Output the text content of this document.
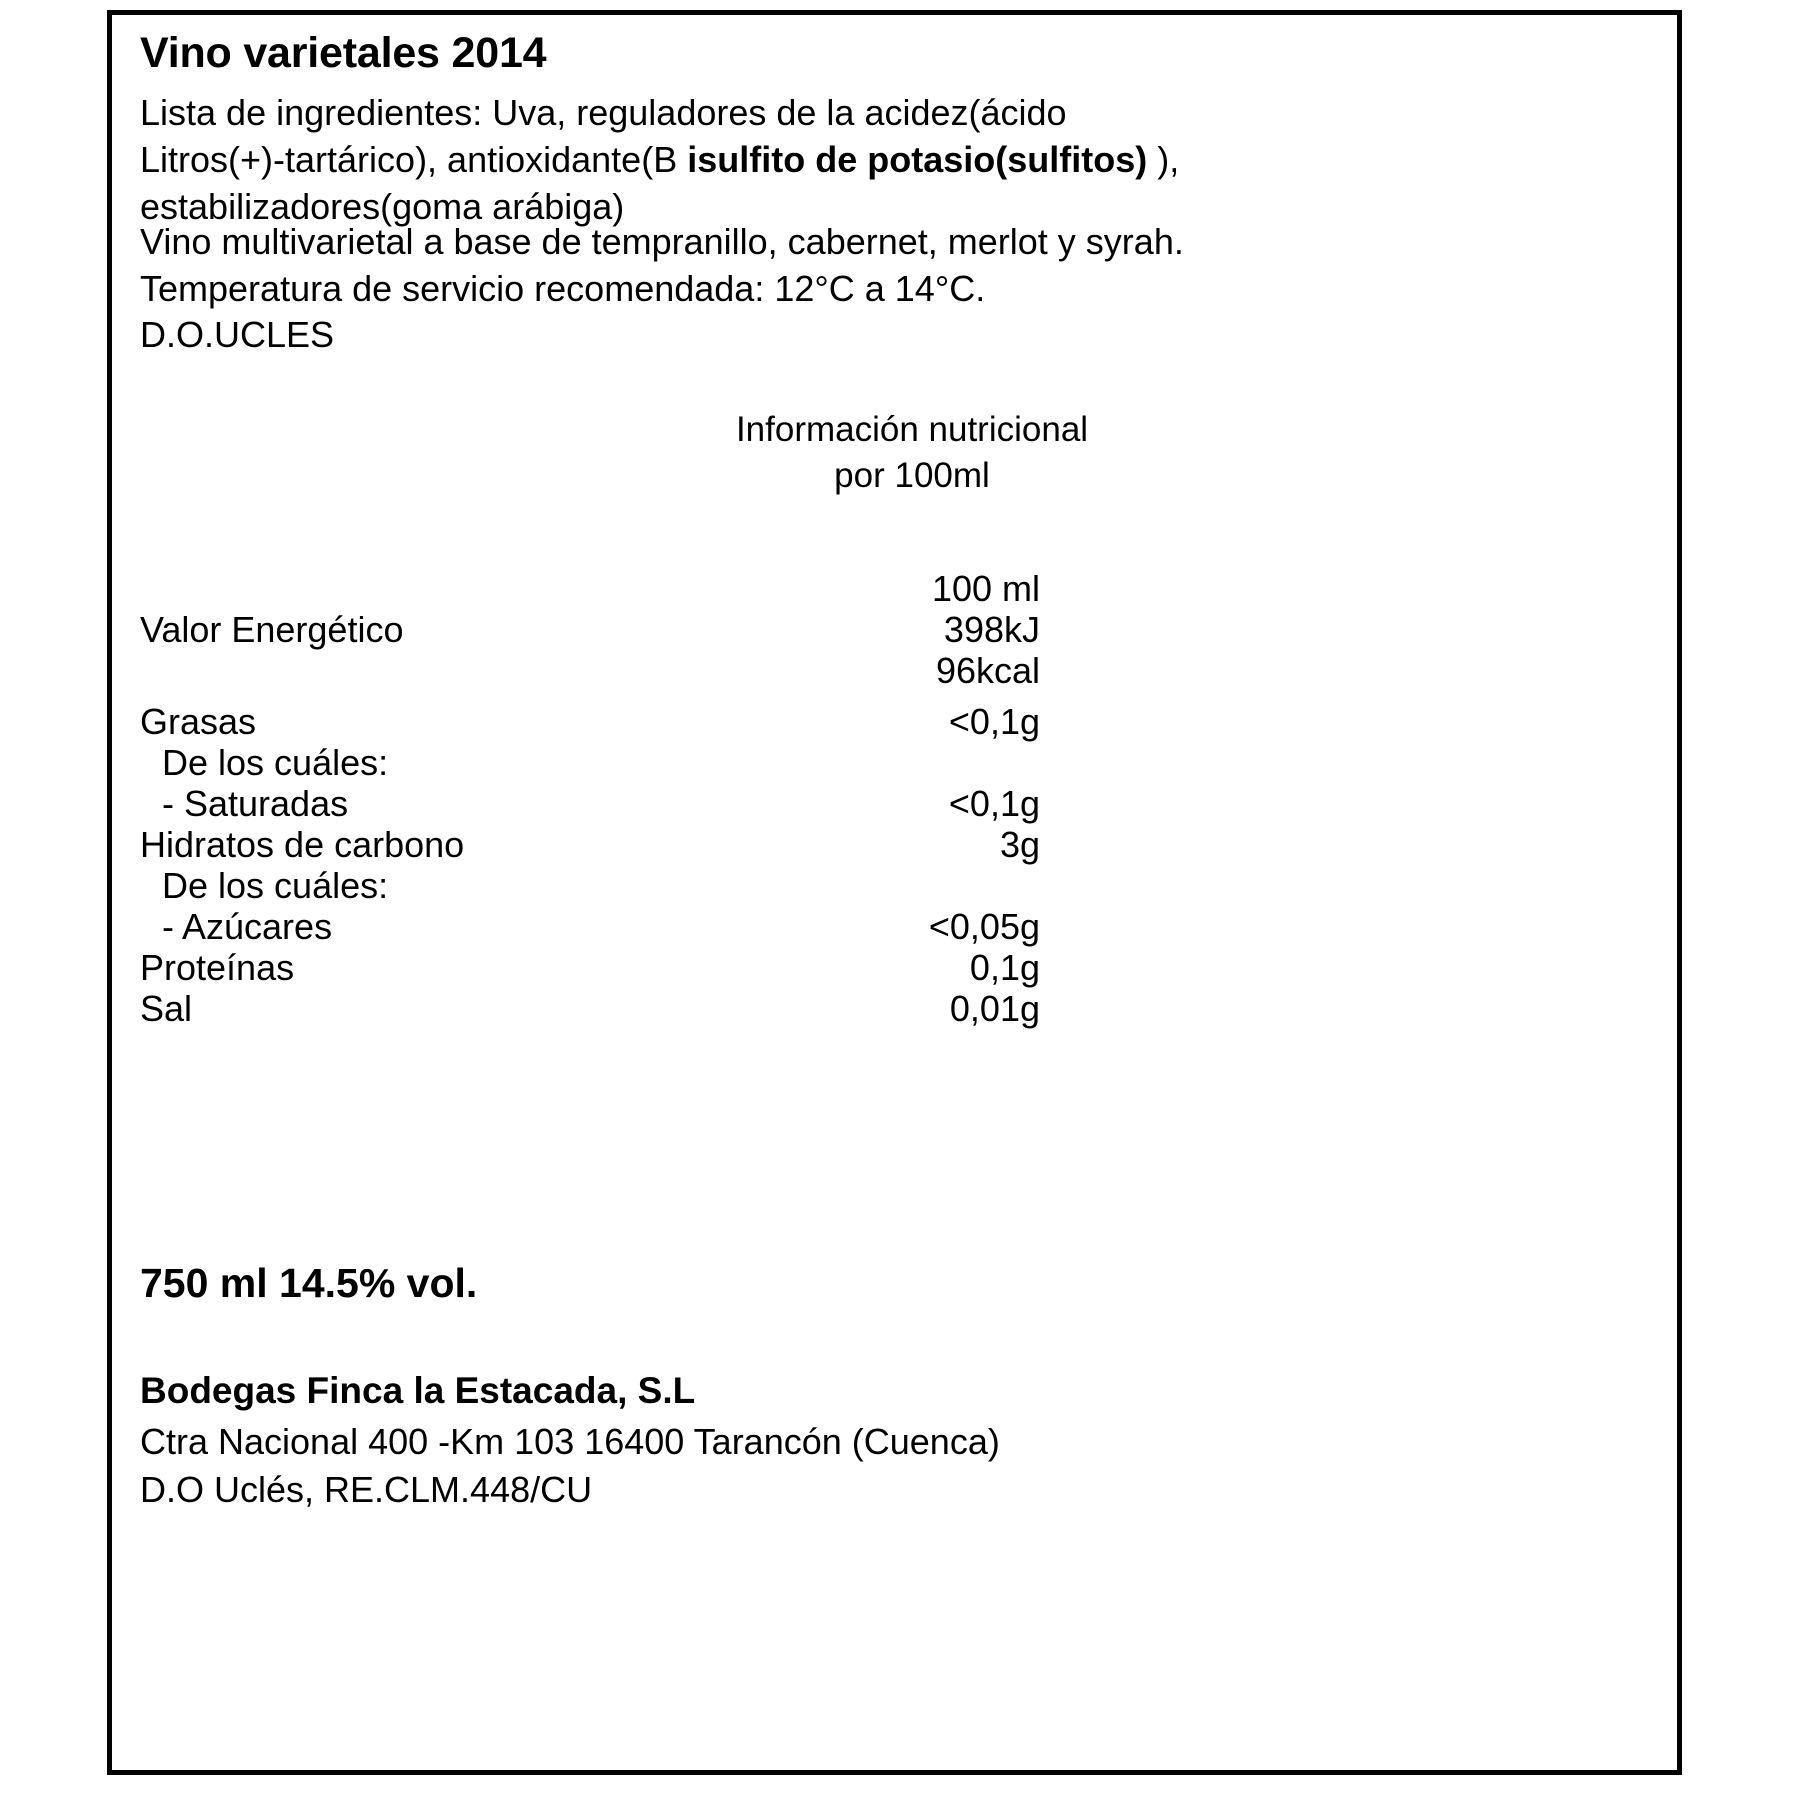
Vino varietales 2014
Lista de ingredientes: Uva, reguladores de la acidez(ácido
Litros(+)-tartárico), antioxidante(B isulfito de potasio(sulfitos) ),
estabilizadores(goma arábiga)
Vino multivarietal a base de tempranillo, cabernet, merlot y syrah.
Temperatura de servicio recomendada: 12°C a 14°C.
D.O.UCLES
Información nutricional
por 100ml
100 ml
Valor Energético	398kJ
96kcal
Grasas	<0,1g
De los cuáles:
- Saturadas	<0,1g
Hidratos de carbono	3g
De los cuáles:
- Azúcares	<0,05g
Proteínas	0,1g
Sal	0,01g
750 ml 14.5% vol.
Bodegas Finca la Estacada, S.L
Ctra Nacional 400 -Km 103 16400 Tarancón (Cuenca)
D.O Uclés, RE.CLM.448/CU
